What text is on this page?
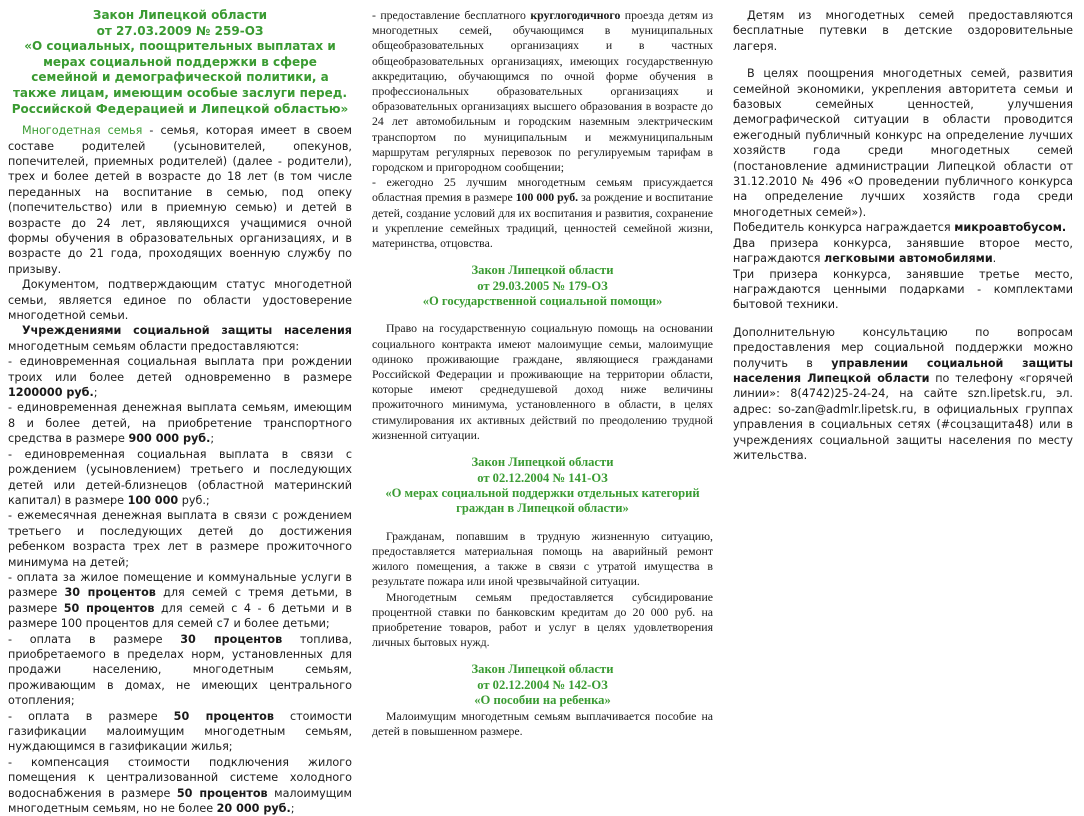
Закон Липецкой области
от 27.03.2009 № 259-ОЗ
«О социальных, поощрительных выплатах и мерах социальной поддержки в сфере семейной и демографической политики, а также лицам, имеющим особые заслуги перед.
Российской Федерацией и Липецкой областью»

Многодетная семья - семья, которая имеет в своем составе родителей (усыновителей, опекунов, попечителей, приемных родителей) (далее - родители), трех и более детей в возрасте до 18 лет (в том числе переданных на воспитание в семью, под опеку (попечительство) или в приемную семью) и детей в возрасте до 24 лет, являющихся учащимися очной формы обучения в образовательных организациях, и в возрасте до 21 года, проходящих военную службу по призыву.

Документом, подтверждающим статус многодетной семьи, является единое по области удостоверение многодетной семьи.

Учреждениями социальной защиты населения многодетным семьям области предоставляются:

- единовременная социальная выплата при рождении троих или более детей одновременно в размере 1200000 руб.;

- единовременная денежная выплата семьям, имеющим 8 и более детей, на приобретение транспортного средства в размере 900 000 руб.;

- единовременная социальная выплата в связи с рождением (усыновлением) третьего и последующих детей или детей-близнецов (областной материнский капитал) в размере 100 000 руб.;

- ежемесячная денежная выплата в связи с рождением третьего и последующих детей до достижения ребенком возраста трех лет в размере прожиточного минимума на детей;

- оплата за жилое помещение и коммунальные услуги в размере 30 процентов для семей с тремя детьми, в размере 50 процентов для семей с 4 - 6 детьми и в размере 100 процентов для семей с7 и более детьми;

- оплата в размере 30 процентов топлива, приобретаемого в пределах норм, установленных для продажи населению, многодетным семьям, проживающим в домах, не имеющих центрального отопления;

- оплата в размере 50 процентов стоимости газификации малоимущим многодетным семьям, нуждающимся в газификации жилья;

- компенсация стоимости подключения жилого помещения к централизованной системе холодного водоснабжения в размере 50 процентов малоимущим многодетным семьям, но не более 20 000 руб.;

- предоставление бесплатного круглогодичного проезда детям из многодетных семей, обучающимся в муниципальных общеобразовательных организациях и в частных общеобразовательных организациях, имеющих государственную аккредитацию, обучающимся по очной форме обучения в профессиональных образовательных организациях и образовательных организациях высшего образования в возрасте до 24 лет автомобильным и городским наземным электрическим транспортом по муниципальным и межмуниципальным маршрутам регулярных перевозок по регулируемым тарифам в городском и пригородном сообщении;

- ежегодно 25 лучшим многодетным семьям присуждается областная премия в размере 100 000 руб. за рождение и воспитание детей, создание условий для их воспитания и развития, сохранение и укрепление семейных традиций, ценностей семейной жизни, материнства, отцовства.

Закон Липецкой области
от 29.03.2005 № 179-ОЗ
«О государственной социальной помощи»

Право на государственную социальную помощь на основании социального контракта имеют малоимущие семьи, малоимущие одиноко проживающие граждане, являющиеся гражданами Российской Федерации и проживающие на территории области, которые имеют среднедушевой доход ниже величины прожиточного минимума, установленного в области, в целях стимулирования их активных действий по преодолению трудной жизненной ситуации.

Закон Липецкой области
от 02.12.2004 № 141-ОЗ
«О мерах социальной поддержки отдельных категорий граждан в Липецкой области»

Гражданам, попавшим в трудную жизненную ситуацию, предоставляется материальная помощь на аварийный ремонт жилого помещения, а также в связи с утратой имущества в результате пожара или иной чрезвычайной ситуации.

Многодетным семьям предоставляется субсидирование процентной ставки по банковским кредитам до 20 000 руб. на приобретение товаров, работ и услуг в целях удовлетворения личных бытовых нужд.

Закон Липецкой области
от 02.12.2004 № 142-ОЗ
«О пособии на ребенка»

Малоимущим многодетным семьям выплачивается пособие на детей в повышенном размере.

Детям из многодетных семей предоставляются бесплатные путевки в детские оздоровительные лагеря.

В целях поощрения многодетных семей, развития семейной экономики, укрепления авторитета семьи и базовых семейных ценностей, улучшения демографической ситуации в области проводится ежегодный публичный конкурс на определение лучших хозяйств года среди многодетных семей (постановление администрации Липецкой области от 31.12.2010 № 496 «О проведении публичного конкурса на определение лучших хозяйств года среди многодетных семей»).

Победитель конкурса награждается микроавтобусом.

Два призера конкурса, занявшие второе место, награждаются легковыми автомобилями.

Три призера конкурса, занявшие третье место, награждаются ценными подарками - комплектами бытовой техники.

Дополнительную консультацию по вопросам предоставления мер социальной поддержки можно получить в управлении социальной защиты населения Липецкой области по телефону «горячей линии»: 8(4742)25-24-24, на сайте szn.lipetsk.ru, эл. адрес: so-zan@admlr.lipetsk.ru, в официальных группах управления в социальных сетях (#соцзащита48) или в учреждениях социальной защиты населения по месту жительства.
